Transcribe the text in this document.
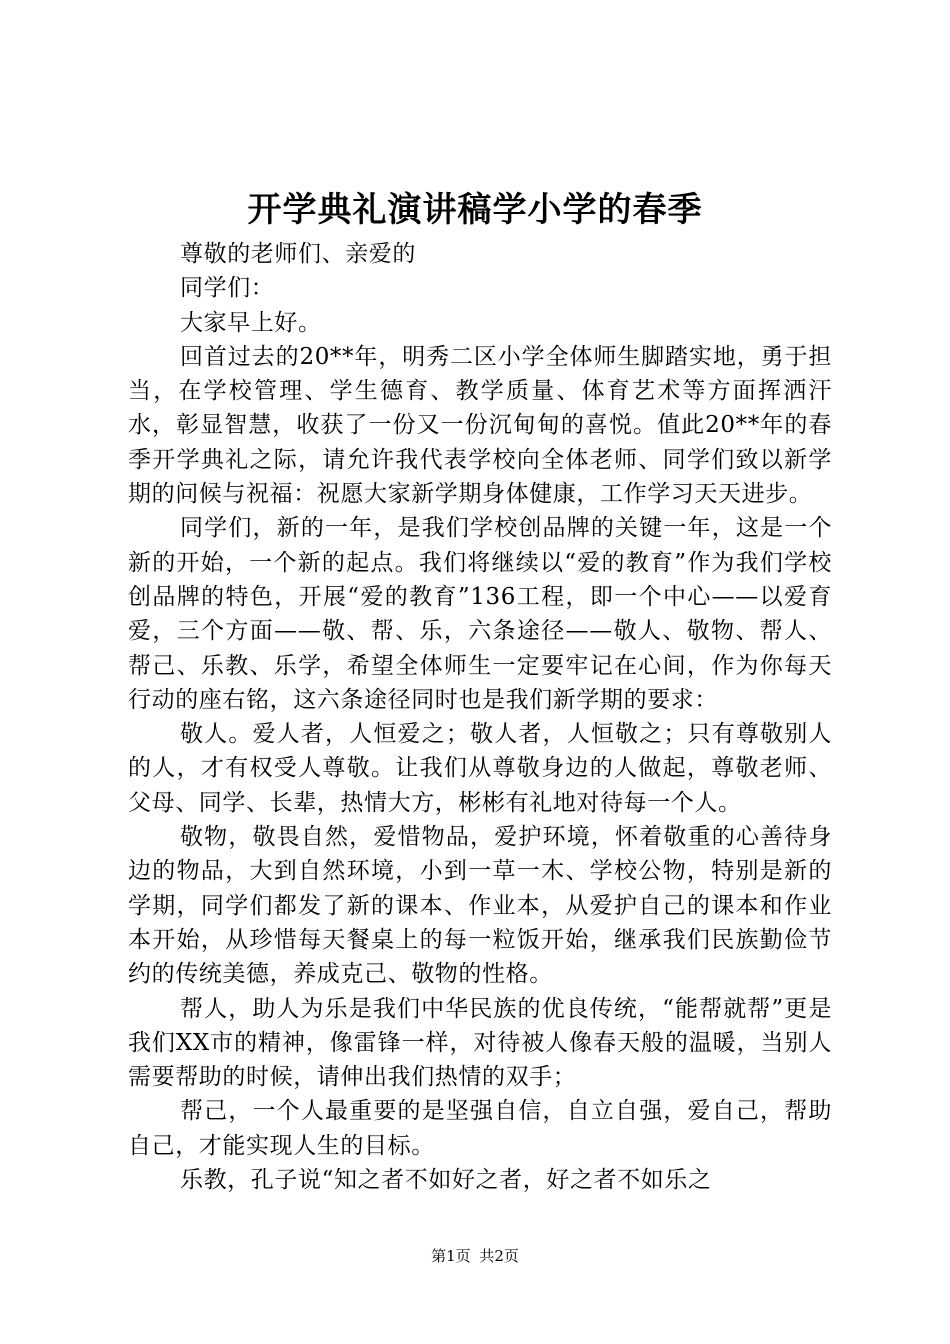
开学典礼演讲稿学小学的春季

尊敬的老师们、亲爱的

同学们：

大家早上好。

回首过去的20**年，明秀二区小学全体师生脚踏实地，勇于担当，在学校管理、学生德育、教学质量、体育艺术等方面挥洒汗水，彰显智慧，收获了一份又一份沉甸甸的喜悦。值此20**年的春季开学典礼之际，请允许我代表学校向全体老师、同学们致以新学期的问候与祝福：祝愿大家新学期身体健康，工作学习天天进步。

同学们，新的一年，是我们学校创品牌的关键一年，这是一个新的开始，一个新的起点。我们将继续以“爱的教育”作为我们学校创品牌的特色，开展“爱的教育”136工程，即一个中心——以爱育爱，三个方面——敬、帮、乐，六条途径——敬人、敬物、帮人、帮己、乐教、乐学，希望全体师生一定要牢记在心间，作为你每天行动的座右铭，这六条途径同时也是我们新学期的要求：

敬人。爱人者，人恒爱之；敬人者，人恒敬之；只有尊敬别人的人，才有权受人尊敬。让我们从尊敬身边的人做起，尊敬老师、父母、同学、长辈，热情大方，彬彬有礼地对待每一个人。

敬物，敬畏自然，爱惜物品，爱护环境，怀着敬重的心善待身边的物品，大到自然环境，小到一草一木、学校公物，特别是新的学期，同学们都发了新的课本、作业本，从爱护自己的课本和作业本开始，从珍惜每天餐桌上的每一粒饭开始，继承我们民族勤俭节约的传统美德，养成克己、敬物的性格。

帮人，助人为乐是我们中华民族的优良传统，“能帮就帮”更是我们XX市的精神，像雷锋一样，对待被人像春天般的温暖，当别人需要帮助的时候，请伸出我们热情的双手；

帮己，一个人最重要的是坚强自信，自立自强，爱自己，帮助自己，才能实现人生的目标。

乐教，孔子说“知之者不如好之者，好之者不如乐之

第1页 共2页
